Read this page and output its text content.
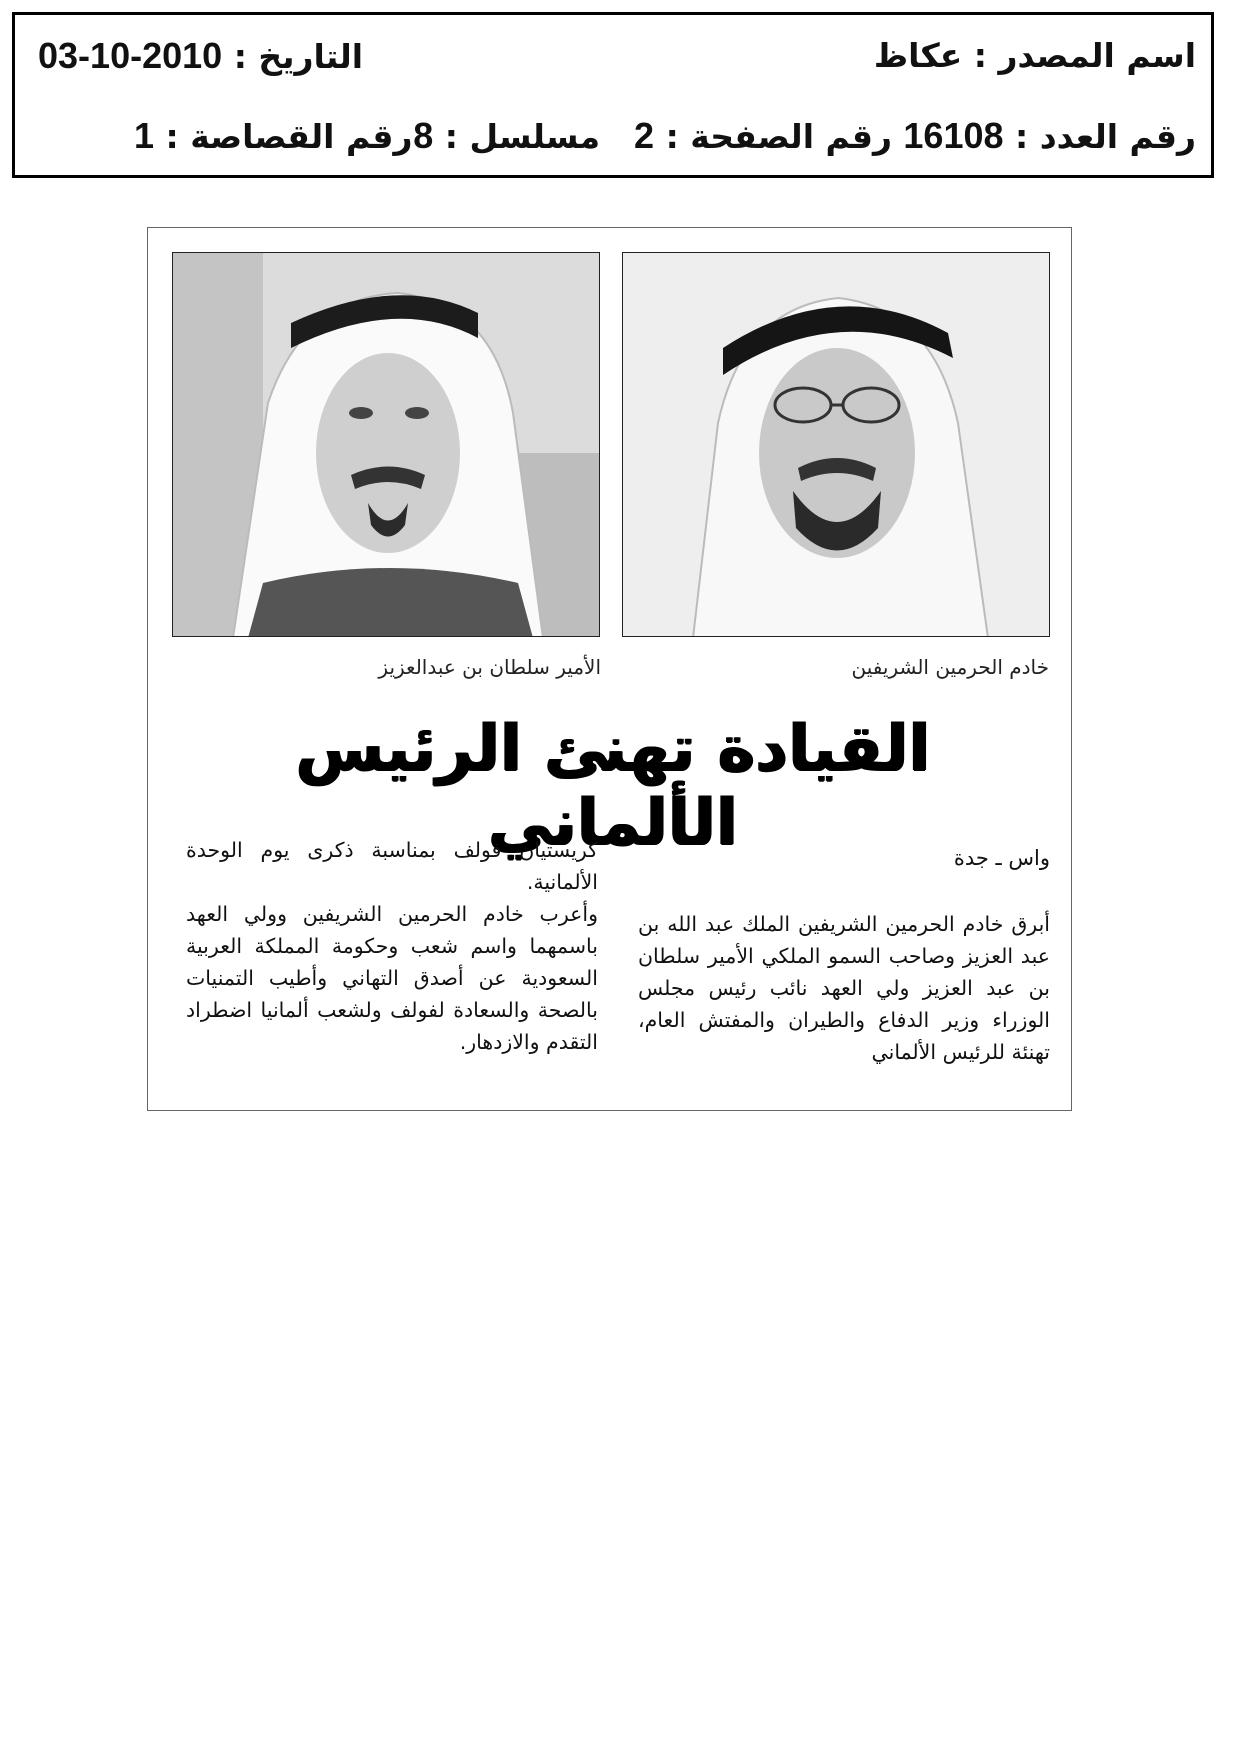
اسم المصدر : عكاظ
التاريخ : 2010-10-03
رقم العدد : 16108
رقم الصفحة : 2
مسلسل : 8
رقم القصاصة : 1
خادم الحرمين الشريفين
الأمير سلطان بن عبدالعزيز
القيادة تهنئ الرئيس الألماني	واس ـ جدة

أبرق خادم الحرمين الشريفين الملك عبد الله بن عبد العزيز وصاحب السمو الملكي الأمير سلطان بن عبد العزيز ولي العهد نائب رئيس مجلس الوزراء وزير الدفاع والطيران والمفتش العام، تهنئة للرئيس الألماني

كريستيان فولف بمناسبة ذكرى يوم الوحدة الألمانية.

وأعرب خادم الحرمين الشريفين وولي العهد باسمهما واسم شعب وحكومة المملكة العربية السعودية عن أصدق التهاني وأطيب التمنيات بالصحة والسعادة لفولف ولشعب ألمانيا اضطراد التقدم والازدهار.
